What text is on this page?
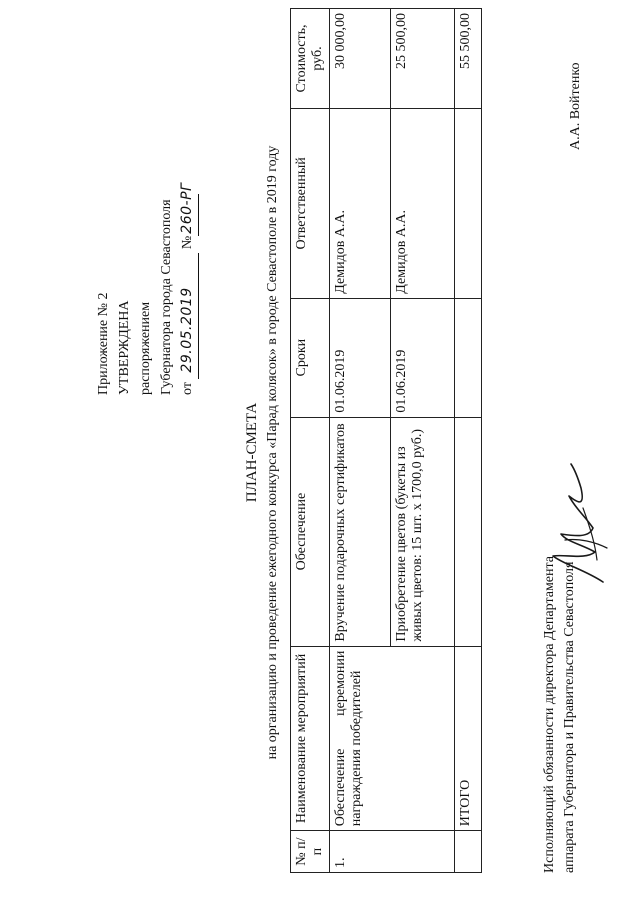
Приложение № 2 УТВЕРЖДЕНА распоряжением Губернатора города Севастополя от 29.05.2019 №260-РГ
ПЛАН-СМЕТА на организацию и проведение ежегодного конкурса «Парад колясок» в городе Севастополе в 2019 году
№ п/п	Наименование мероприятий	Обеспечение	Сроки	Ответственный	Стоимость, руб.
1.	Обеспечение церемонии награждения победителей	Вручение подарочных сертификатов	01.06.2019	Демидов А.А.	30 000,00
		Приобретение цветов (букеты из живых цветов: 15 шт. x 1700,0 руб.)	01.06.2019	Демидов А.А.	25 500,00
	ИТОГО				55 500,00
Исполняющий обязанности директора Департамента аппарата Губернатора и Правительства Севастополя
А.А. Войтенко
